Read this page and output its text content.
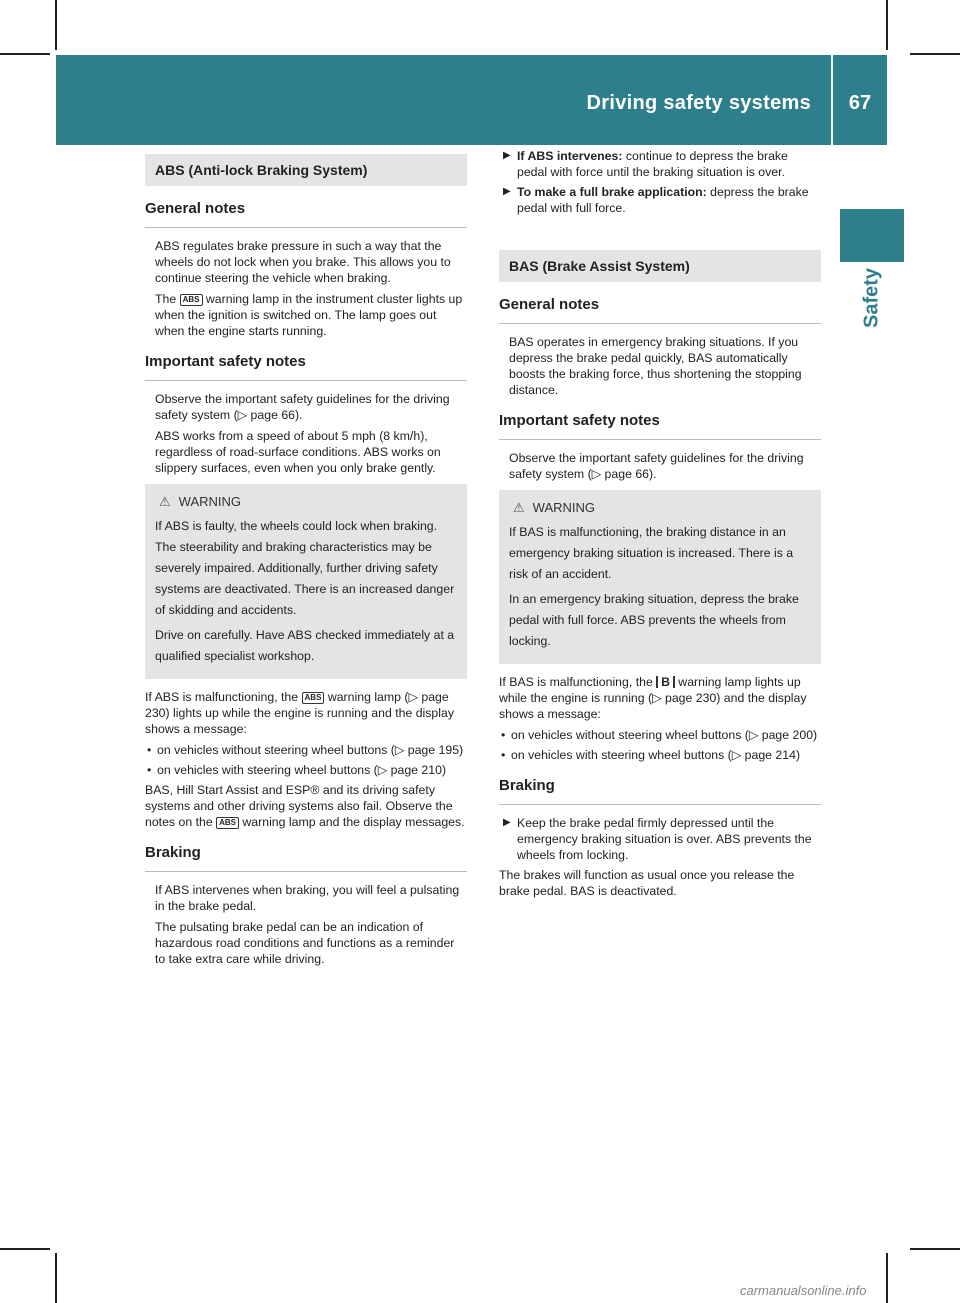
Driving safety systems	67
Safety
ABS (Anti-lock Braking System)
General notes

ABS regulates brake pressure in such a way that the wheels do not lock when you brake. This allows you to continue steering the vehicle when braking.

The ABS warning lamp in the instrument cluster lights up when the ignition is switched on. The lamp goes out when the engine starts running.

Important safety notes

Observe the important safety guidelines for the driving safety system (▷ page 66).

ABS works from a speed of about 5 mph (8 km/h), regardless of road-surface conditions. ABS works on slippery surfaces, even when you only brake gently.

⚠ WARNING

If ABS is faulty, the wheels could lock when braking. The steerability and braking characteristics may be severely impaired. Additionally, further driving safety systems are deactivated. There is an increased danger of skidding and accidents.

Drive on carefully. Have ABS checked immediately at a qualified specialist workshop.

If ABS is malfunctioning, the ABS warning lamp (▷ page 230) lights up while the engine is running and the display shows a message:

• on vehicles without steering wheel buttons (▷ page 195)
• on vehicles with steering wheel buttons (▷ page 210)

BAS, Hill Start Assist and ESP® and its driving safety systems and other driving systems also fail. Observe the notes on the ABS warning lamp and the display messages.

Braking

If ABS intervenes when braking, you will feel a pulsating in the brake pedal.

The pulsating brake pedal can be an indication of hazardous road conditions and functions as a reminder to take extra care while driving.

▶ If ABS intervenes: continue to depress the brake pedal with force until the braking situation is over.
▶ To make a full brake application: depress the brake pedal with full force.
BAS (Brake Assist System)
General notes

BAS operates in emergency braking situations. If you depress the brake pedal quickly, BAS automatically boosts the braking force, thus shortening the stopping distance.

Important safety notes

Observe the important safety guidelines for the driving safety system (▷ page 66).

⚠ WARNING

If BAS is malfunctioning, the braking distance in an emergency braking situation is increased. There is a risk of an accident.

In an emergency braking situation, depress the brake pedal with full force. ABS prevents the wheels from locking.

If BAS is malfunctioning, the B warning lamp lights up while the engine is running (▷ page 230) and the display shows a message:

• on vehicles without steering wheel buttons (▷ page 200)
• on vehicles with steering wheel buttons (▷ page 214)
Braking
▶ Keep the brake pedal firmly depressed until the emergency braking situation is over. ABS prevents the wheels from locking.

The brakes will function as usual once you release the brake pedal. BAS is deactivated.

carmanualsonline.info
